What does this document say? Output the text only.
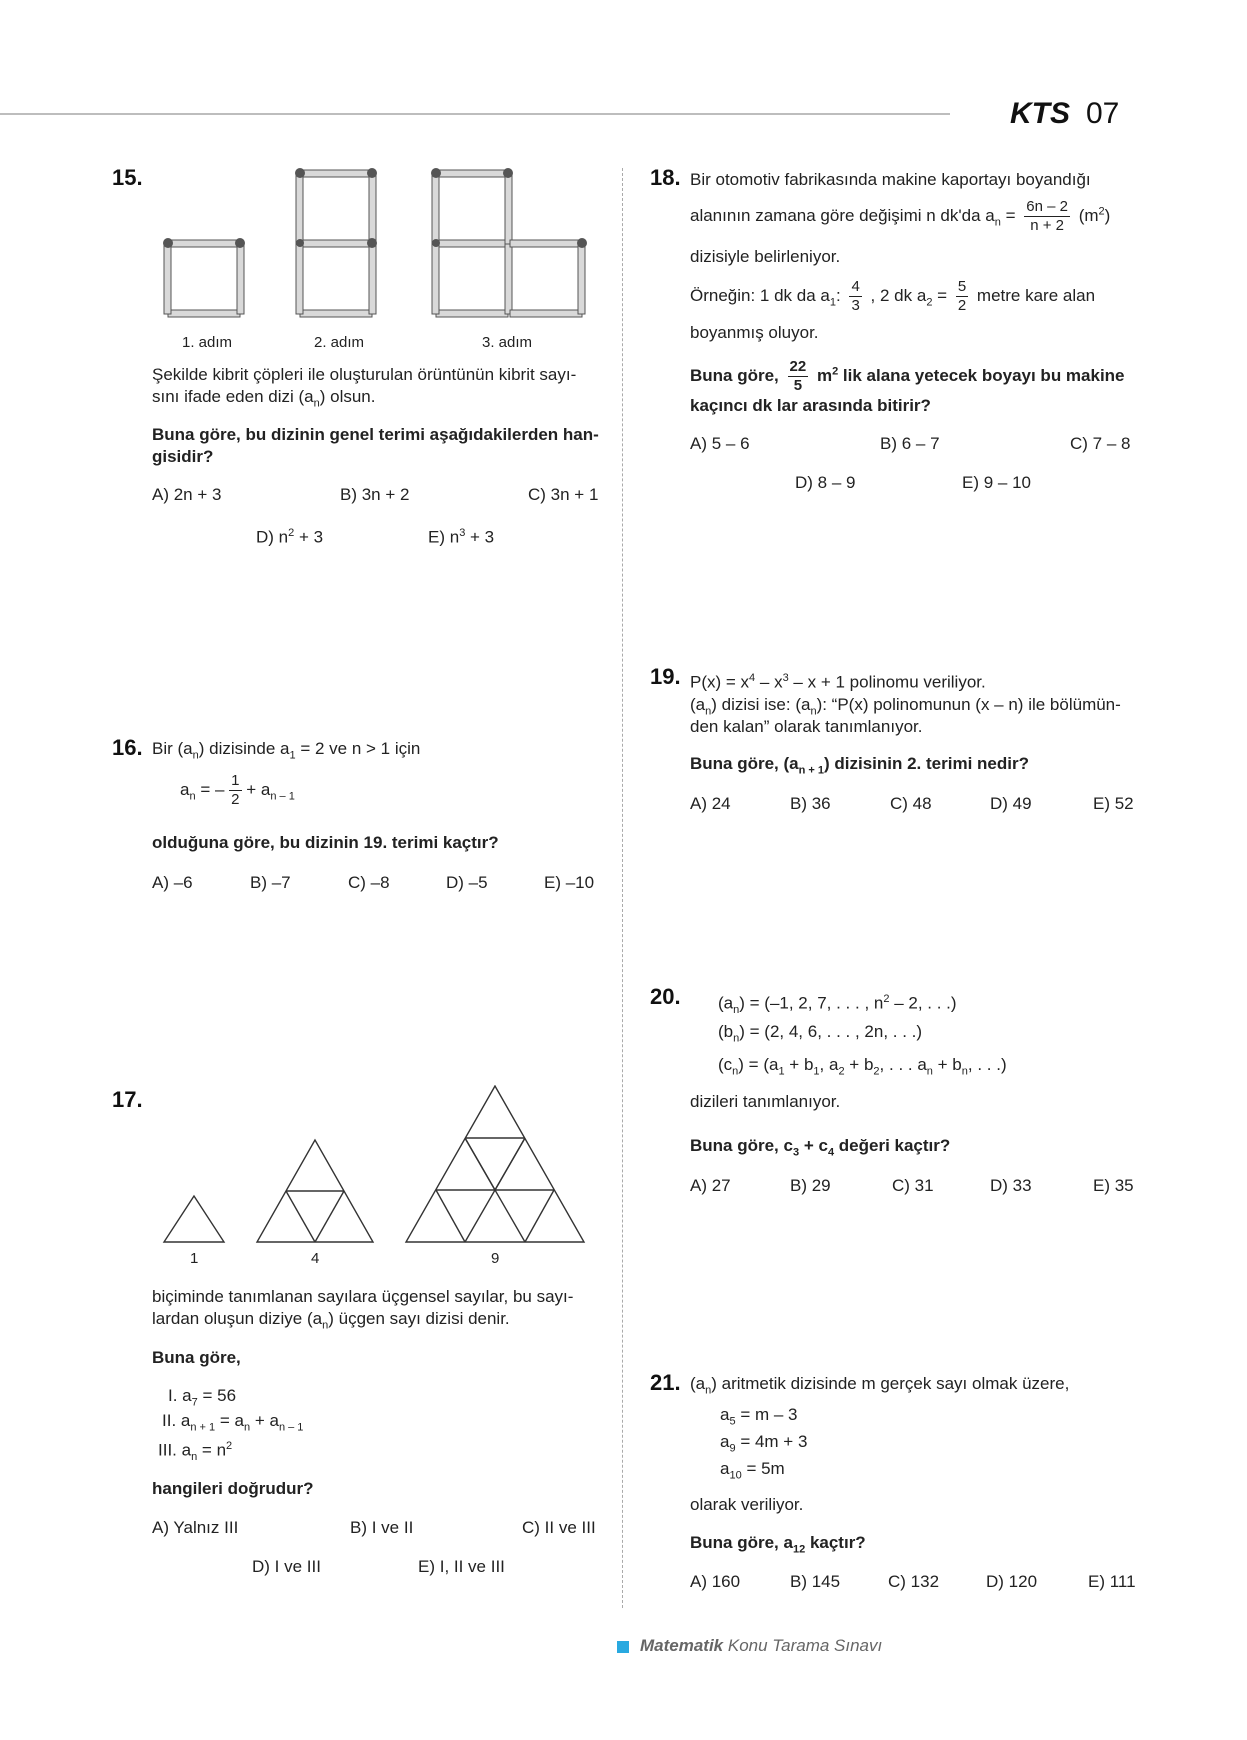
KTS 07
15.
1. adım	2. adım	3. adım
Şekilde kibrit çöpleri ile oluşturulan örüntünün kibrit sayı-
sını ifade eden dizi $(a_n)$ olsun.
Buna göre, bu dizinin genel terimi aşağıdakilerden han-
gisidir?
A) 2n + 3	B) 3n + 2	C) 3n + 1
D) $n^2 + 3$	E) $n^3 + 3$
16. Bir $(a_n)$ dizisinde $a_1 = 2$ ve n > 1 için
$a_n$ = – $\frac{1}{2} + a_{n - 1}$
olduğuna göre, bu dizinin 19. terimi kaçtır?
A) –6	B) –7	C) –8	D) –5	E) –10
17.
1	4	9
biçiminde tanımlanan sayılara üçgensel sayılar, bu sayı-
lardan oluşun diziye $(a_n)$ üçgen sayı dizisi denir.
Buna göre,
I. $a_7 = 56$
II. $a_{n + 1} = a_n + a_{n - 1}$
III. $a_n = n^2$
hangileri doğrudur?
A) Yalnız III	B) I ve II	C) II ve III
D) I ve III	E) I, II ve III
18. Bir otomotiv fabrikasında makine kaportayı boyandığı
alanının zamana göre değişimi n dk'da $a_n = \frac{6n - 2}{n + 2} (m^2)$
dizisiyle belirleniyor.
Örneğin: 1 dk da $a_1$: $\frac{4}{3}$ , 2 dk $a_2 = \frac{5}{2}$ metre kare alan
boyanmış oluyor.
Buna göre, $\frac{22}{5} m^2$ lik alana yetecek boyayı bu makine
kaçıncı dk lar arasında bitirir?
A) 5 – 6	B) 6 – 7	C) 7 – 8
D) 8 – 9	E) 9 – 10
19. $P(x) = x^4 - x^3 - x + 1$ polinomu veriliyor.
$(a_n)$ dizisi ise: $(a_n)$: “P(x) polinomunun (x – n) ile bölümün-
den kalan” olarak tanımlanıyor.
Buna göre, $(a_{n + 1})$ dizisinin 2. terimi nedir?
A) 24	B) 36	C) 48	D) 49	E) 52
20. $(a_n) = (-1$, 2, 7, . . . , $n^2 - 2$, . . .)
$(b_n) = (2$, 4, 6, . . . , 2n, . . .)
$(c_n) = (a_1 + b_1$, $a_2 + b_2$, . . . $a_n + b_n$, . . .)
dizileri tanımlanıyor.
Buna göre, $c_3 + c_4$ değeri kaçtır?
A) 27	B) 29	C) 31	D) 33	E) 35
21. $(a_n)$ aritmetik dizisinde m gerçek sayı olmak üzere,
$a_5 = m - 3$
$a_9 = 4m + 3$
$a_{10} = 5m$
olarak veriliyor.
Buna göre, $a_{12}$ kaçtır?
A) 160	B) 145	C) 132	D) 120	E) 111
Matematik Konu Tarama Sınavı
